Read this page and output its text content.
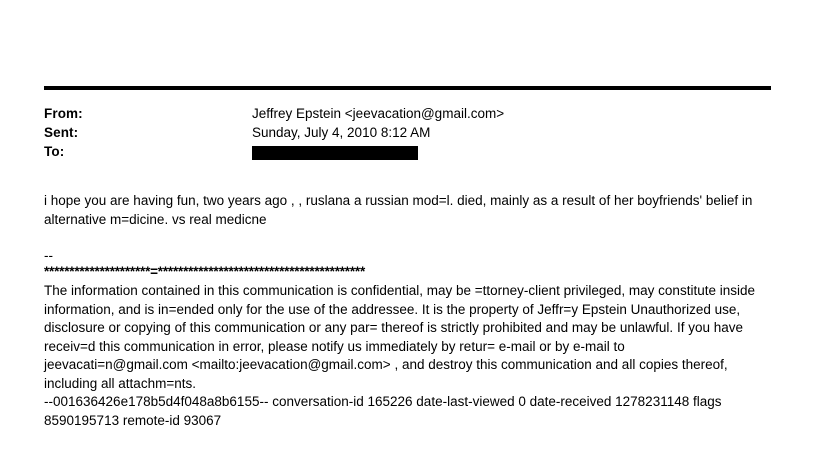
From:	Jeffrey Epstein <jeevacation@gmail.com>
Sent:	Sunday, July 4, 2010 8:12 AM
To:

i hope you are having fun, two years ago , , ruslana a russian mod=l. died, mainly as a result of her boyfriends' belief in alternative m=dicine. vs real medicne

--
*********************=*****************************************

The information contained in this communication is confidential, may be =ttorney-client privileged, may constitute inside information, and is in=ended only for the use of the addressee. It is the property of Jeffr=y Epstein Unauthorized use, disclosure or copying of this communication or any par= thereof is strictly prohibited and may be unlawful. If you have receiv=d this communication in error, please notify us immediately by retur= e-mail or by e-mail to jeevacati=n@gmail.com <mailto:jeevacation@gmail.com> , and destroy this communication and all copies thereof, including all attachm=nts.

--001636426e178b5d4f048a8b6155-- conversation-id 165226 date-last-viewed 0 date-received 1278231148 flags 8590195713 remote-id 93067
